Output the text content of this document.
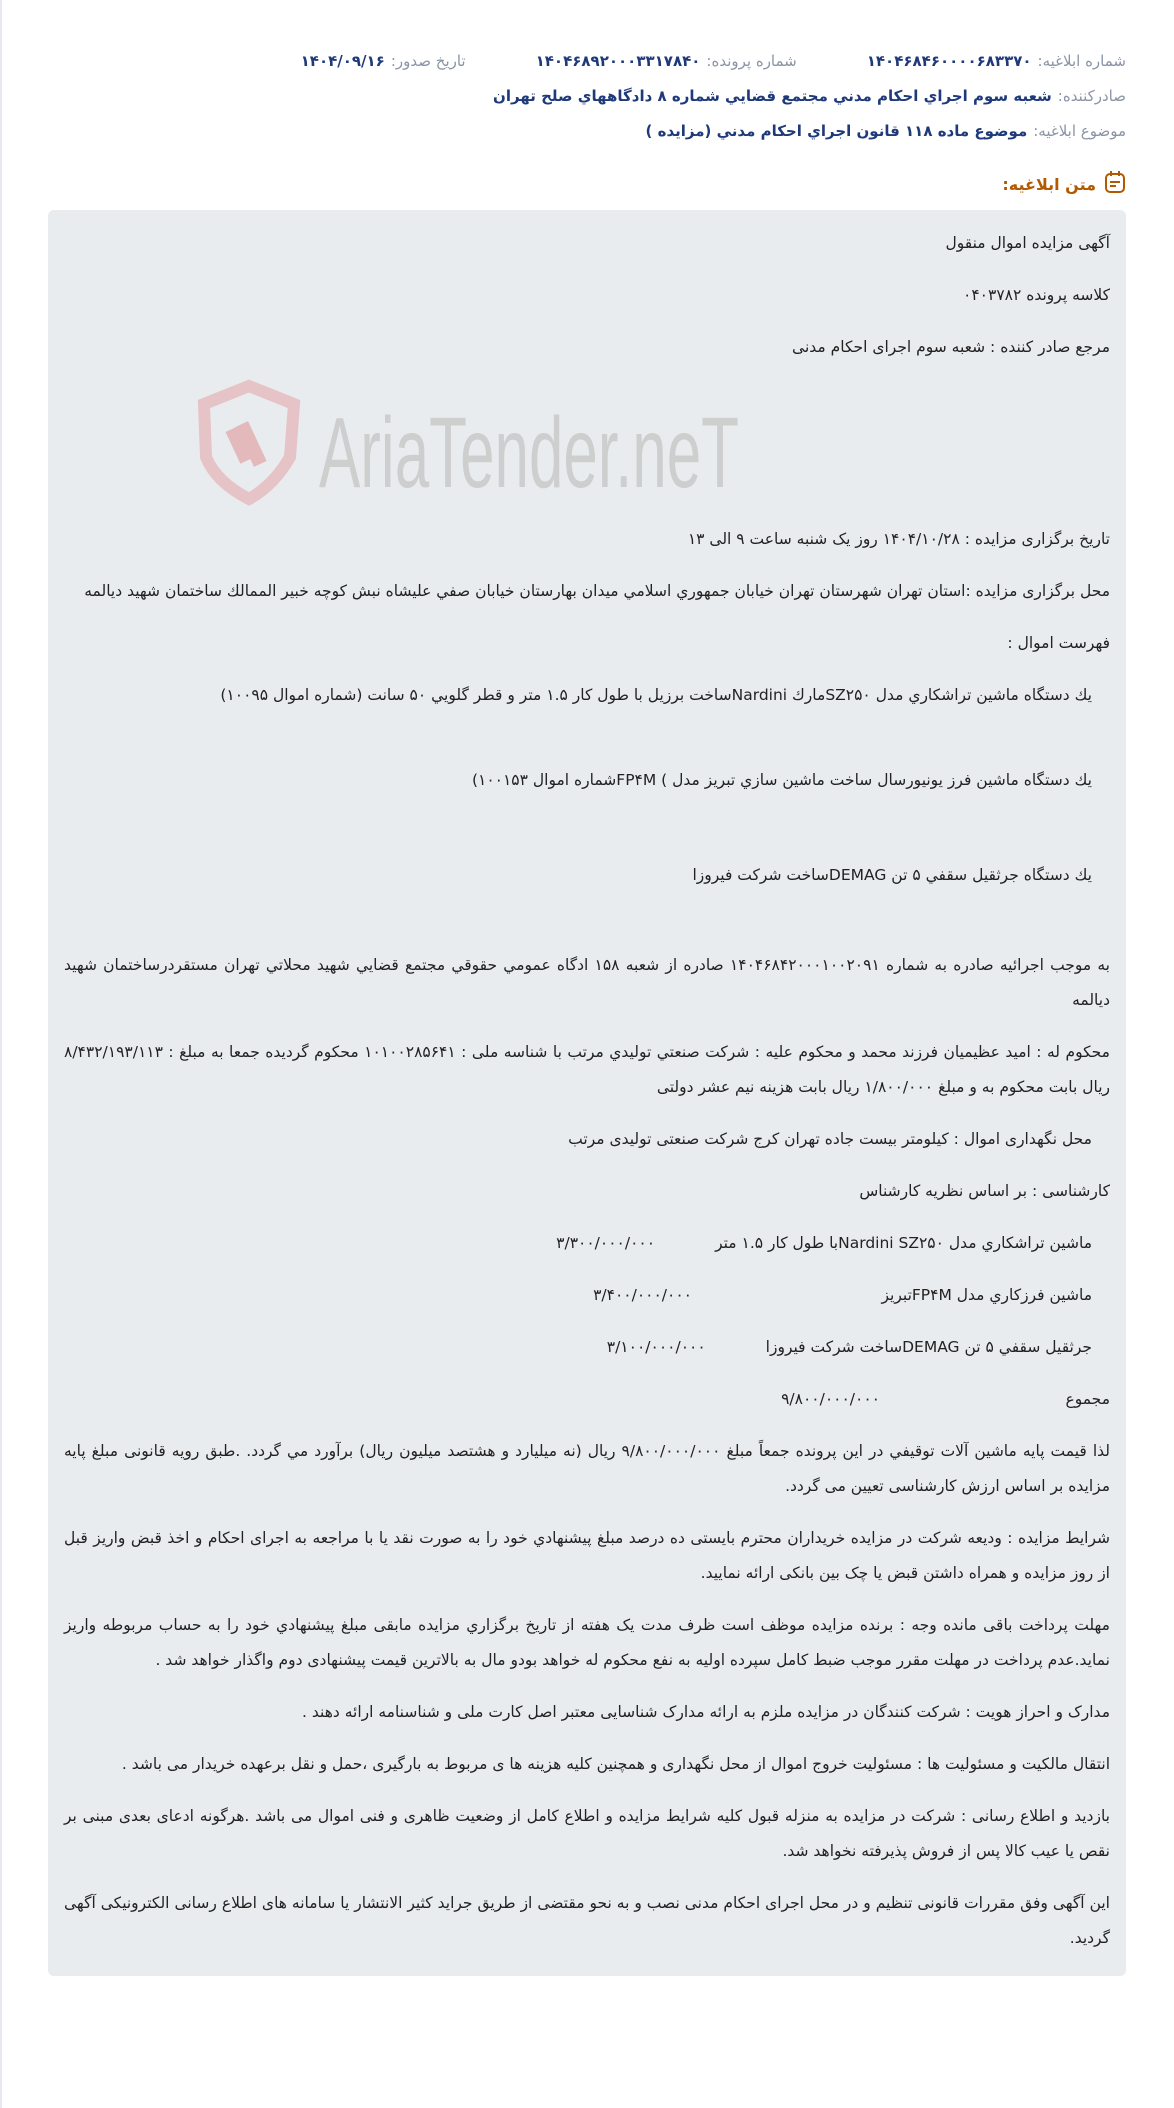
شماره ابلاغیه:
۱۴۰۴۶۸۴۶۰۰۰۰۶۸۳۳۷۰
شماره پرونده:
۱۴۰۴۶۸۹۲۰۰۰۳۳۱۷۸۴۰
تاریخ صدور:
۱۴۰۴/۰۹/۱۶
صادرکننده:
شعبه سوم اجراي احكام مدني مجتمع قضايي شماره ۸ دادگاههاي صلح تهران
موضوع ابلاغیه:
موضوع ماده ۱۱۸ قانون اجراي احكام مدني (مزايده )
متن ابلاغیه:

آگهی مزایده اموال منقول

کلاسه پرونده ۰۴۰۳۷۸۲

مرجع صادر کننده : شعبه سوم اجرای احکام مدنی

AriaTender.neT

تاریخ برگزاری مزایده : ۱۴۰۴/۱۰/۲۸ روز یک شنبه ساعت ۹ الی ۱۳

محل برگزاری مزایده :استان تهران شهرستان تهران خيابان جمهوري اسلامي ميدان بهارستان خيابان صفي عليشاه نبش كوچه خبير الممالك ساختمان شهيد دیالمه

فهرست اموال :

يك دستگاه ماشين تراشكاري مدل SZ۲۵۰مارك Nardiniساخت برزيل با طول كار ۱.۵ متر و قطر گلويي ۵۰ سانت (شماره اموال ۱۰۰۹۵)

يك دستگاه ماشين فرز يونيورسال ساخت ماشين سازي تبريز مدل ) FP۴Mشماره اموال ۱۰۰۱۵۳)

يك دستگاه جرثقيل سقفي ۵ تن DEMAGساخت شركت فيروزا

به موجب اجرائيه صادره به شماره ۱۴۰۴۶۸۴۲۰۰۰۱۰۰۲۰۹۱ صادره از شعبه ۱۵۸ ادگاه عمومي حقوقي مجتمع قضايي شهيد محلاتي تهران مستقردرساختمان شهيد دیالمه

محکوم له : امید عظیمیان فرزند محمد و محکوم علیه : شركت صنعتي توليدي مرتب با شناسه ملی : ۱۰۱۰۰۲۸۵۶۴۱ محکوم گردیده جمعا به مبلغ : ۸/۴۳۲/۱۹۳/۱۱۳ ریال بابت محکوم به و مبلغ ۱/۸۰۰/۰۰۰ ریال بابت هزینه نیم عشر دولتی

محل نگهداری اموال : کیلومتر بیست جاده تهران کرج شرکت صنعتی تولیدی مرتب

کارشناسی : بر اساس نظریه کارشناس

ماشين تراشكاري مدل Nardini SZ۲۵۰با طول كار ۱.۵ متر
۳/۳۰۰/۰۰۰/۰۰۰
ماشين فرزكاري مدل FP۴Mتبريز
۳/۴۰۰/۰۰۰/۰۰۰
جرثقيل سقفي ۵ تن DEMAGساخت شركت فيروزا
۳/۱۰۰/۰۰۰/۰۰۰
مجموع
۹/۸۰۰/۰۰۰/۰۰۰

لذا قيمت پايه ماشين آلات توقيفي در اين پرونده جمعاً مبلغ ۹/۸۰۰/۰۰۰/۰۰۰ ريال (نه ميليارد و هشتصد ميليون ريال) برآورد مي گردد. .طبق رویه قانونی مبلغ پایه مزایده بر اساس ارزش کارشناسی تعیین می گردد.

شرایط مزایده : ودیعه شرکت در مزایده خریداران محترم بایستی ده درصد مبلغ پیشنهادي خود را به صورت نقد یا با مراجعه به اجرای احکام و اخذ قبض واریز قبل از روز مزایده و همراه داشتن قبض یا چک بین بانکی ارائه نمایید.

مهلت پرداخت باقی مانده وجه : برنده مزایده موظف است ظرف مدت یک هفته از تاریخ برگزاري مزایده مابقی مبلغ پیشنهادي خود را به حساب مربوطه واریز نماید.عدم پرداخت در مهلت مقرر موجب ضبط کامل سپرده اولیه به نفع محکوم له خواهد بودو مال به بالاترین قیمت پیشنهادی دوم واگذار خواهد شد .

مدارک و احراز هویت : شرکت کنندگان در مزایده ملزم به ارائه مدارک شناسایی معتبر اصل کارت ملی و شناسنامه ارائه دهند .

انتقال مالکیت و مسئولیت ها : مسئولیت خروج اموال از محل نگهداری و همچنین کلیه هزینه ها ی مربوط به بارگیری ،حمل و نقل برعهده خریدار می باشد .

بازدید و اطلاع رسانی : شرکت در مزایده به منزله قبول کلیه شرایط مزایده و اطلاع کامل از وضعیت ظاهری و فنی اموال می باشد .هرگونه ادعای بعدی مبنی بر نقص یا عیب کالا پس از فروش پذیرفته نخواهد شد.

این آگهی وفق مقررات قانونی تنظیم و در محل اجرای احکام مدنی نصب و به نحو مقتضی از طریق جراید کثیر الانتشار یا سامانه های اطلاع رسانی الکترونیکی آگهی گردید.
